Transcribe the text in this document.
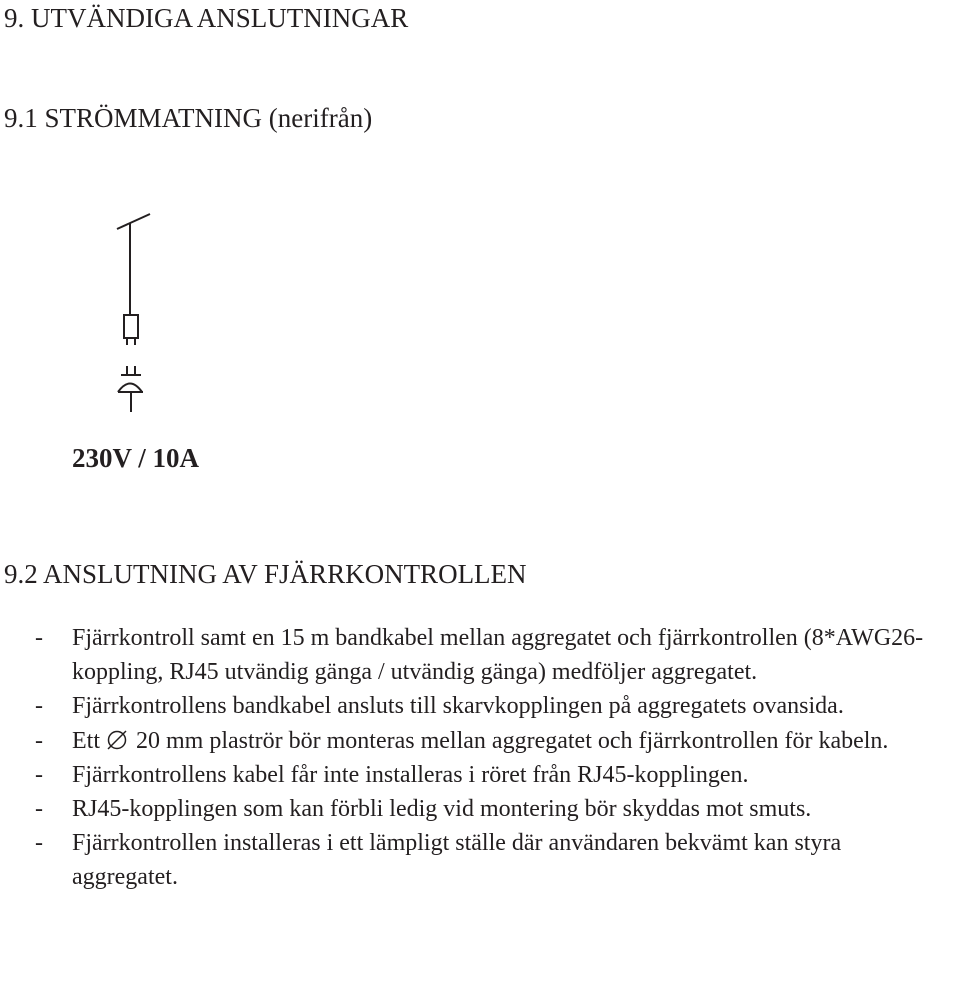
9. UTVÄNDIGA ANSLUTNINGAR
9.1 STRÖMMATNING (nerifrån)
230V / 10A
9.2 ANSLUTNING AV FJÄRRKONTROLLEN
- Fjärrkontroll samt en 15 m bandkabel mellan aggregatet och fjärrkontrollen (8*AWG26-koppling, RJ45 utvändig gänga / utvändig gänga) medföljer aggregatet.
- Fjärrkontrollens bandkabel ansluts till skarvkopplingen på aggregatets ovansida.
- Ett 20 mm plaströr bör monteras mellan aggregatet och fjärrkontrollen för kabeln.
- Fjärrkontrollens kabel får inte installeras i röret från RJ45-kopplingen.
- RJ45-kopplingen som kan förbli ledig vid montering bör skyddas mot smuts.
- Fjärrkontrollen installeras i ett lämpligt ställe där användaren bekvämt kan styra aggregatet.
